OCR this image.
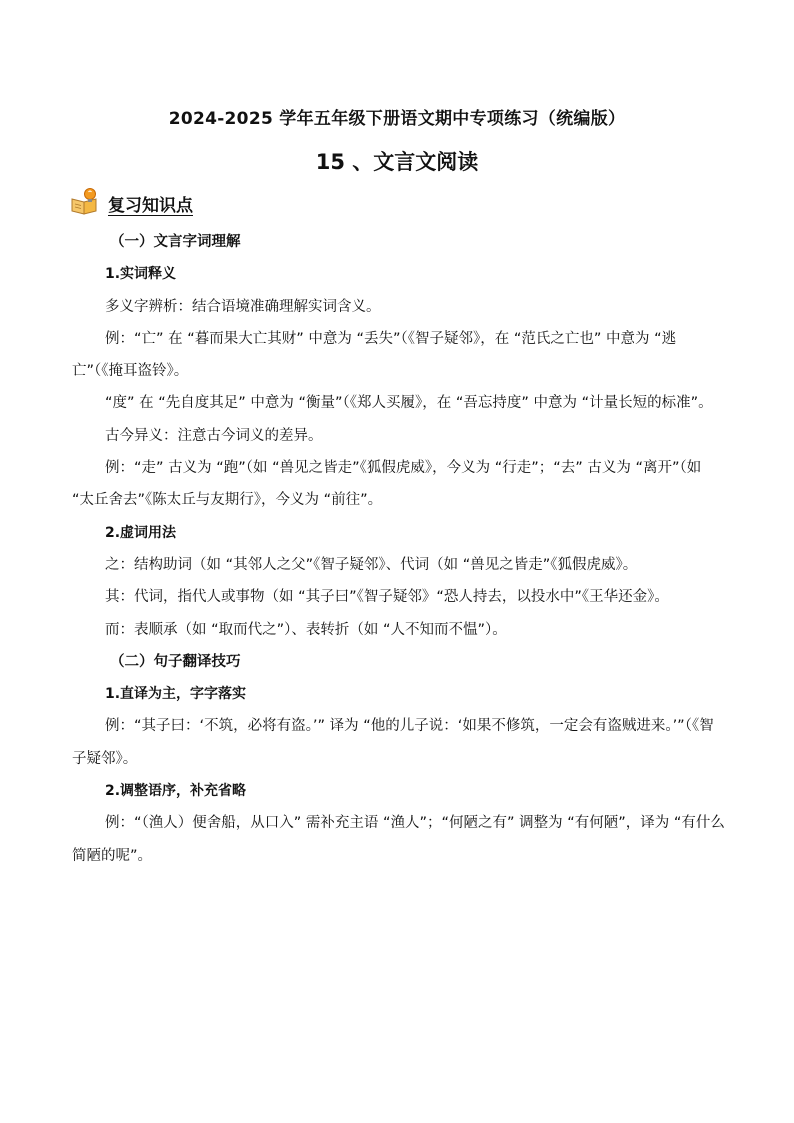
2024-2025 学年五年级下册语文期中专项练习（统编版）
15 、文言文阅读
复习知识点

（一）文言字词理解

1.实词释义

多义字辨析：结合语境准确理解实词含义。

例：“亡” 在 “暮而果大亡其财” 中意为 “丢失”（《智子疑邻》，在 “范氏之亡也” 中意为 “逃亡”（《掩耳盗铃》。

“度” 在 “先自度其足” 中意为 “衡量”（《郑人买履》，在 “吾忘持度” 中意为 “计量长短的标准”。

古今异义：注意古今词义的差异。

例：“走” 古义为 “跑”（如 “兽见之皆走”《狐假虎威》，今义为 “行走”；“去” 古义为 “离开”（如 “太丘舍去”《陈太丘与友期行》，今义为 “前往”。

2.虚词用法

之：结构助词（如 “其邻人之父”《智子疑邻》、代词（如 “兽见之皆走”《狐假虎威》。

其：代词，指代人或事物（如 “其子曰”《智子疑邻》“恐人持去，以投水中”《王华还金》。

而：表顺承（如 “取而代之”）、表转折（如 “人不知而不愠”）。

（二）句子翻译技巧

1.直译为主，字字落实

例：“其子曰：‘不筑，必将有盗。’” 译为 “他的儿子说：‘如果不修筑，一定会有盗贼进来。’”（《智子疑邻》。

2.调整语序，补充省略

例：“（渔人）便舍船，从口入” 需补充主语 “渔人”；“何陋之有” 调整为 “有何陋”，译为 “有什么简陋的呢”。
